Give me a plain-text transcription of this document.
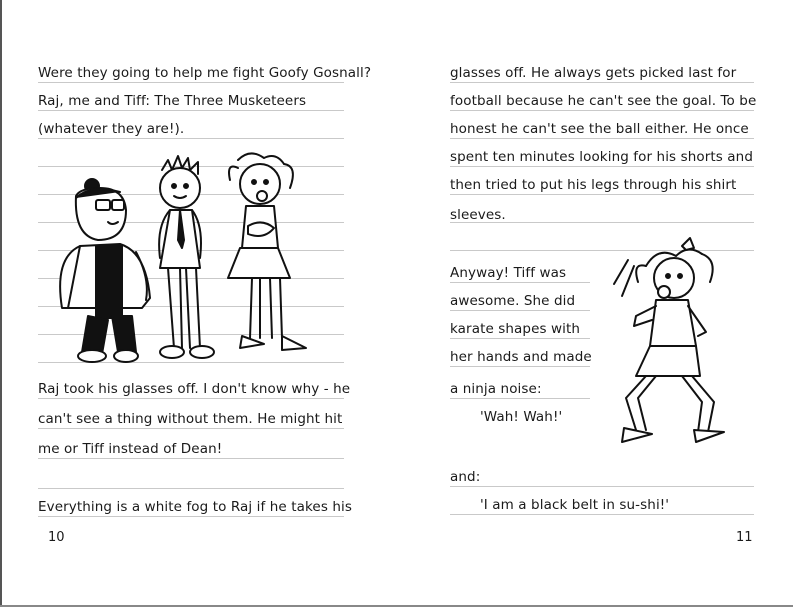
Were they going to help me fight Goofy Gosnall?
Raj, me and Tiff: The Three Musketeers
(whatever they are!).
Raj took his glasses off. I don't know why - he
can't see a thing without them. He might hit
me or Tiff instead of Dean!
Everything is a white fog to Raj if he takes his
10
glasses off. He always gets picked last for
football because he can't see the goal. To be
honest he can't see the ball either. He once
spent ten minutes looking for his shorts and
then tried to put his legs through his shirt
sleeves.
Anyway! Tiff was
awesome. She did
karate shapes with
her hands and made
a ninja noise:
'Wah! Wah!'
and:
'I am a black belt in su-shi!'
11
